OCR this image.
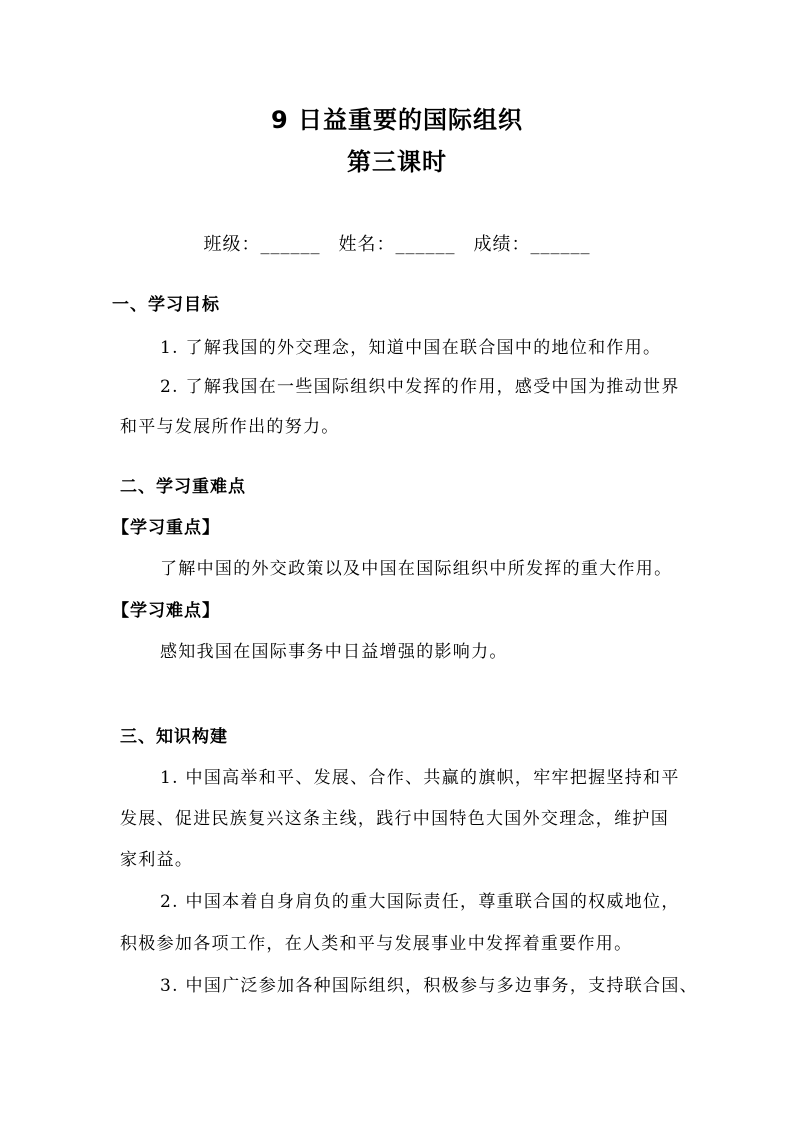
9 日益重要的国际组织
第三课时
班级：______ 姓名：______ 成绩：______
一、学习目标
1. 了解我国的外交理念，知道中国在联合国中的地位和作用。
2. 了解我国在一些国际组织中发挥的作用，感受中国为推动世界
和平与发展所作出的努力。
二、学习重难点
【学习重点】
了解中国的外交政策以及中国在国际组织中所发挥的重大作用。
【学习难点】
感知我国在国际事务中日益增强的影响力。
三、知识构建
1. 中国高举和平、发展、合作、共赢的旗帜，牢牢把握坚持和平
发展、促进民族复兴这条主线，践行中国特色大国外交理念，维护国
家利益。
2. 中国本着自身肩负的重大国际责任，尊重联合国的权威地位，
积极参加各项工作，在人类和平与发展事业中发挥着重要作用。
3. 中国广泛参加各种国际组织，积极参与多边事务，支持联合国、
